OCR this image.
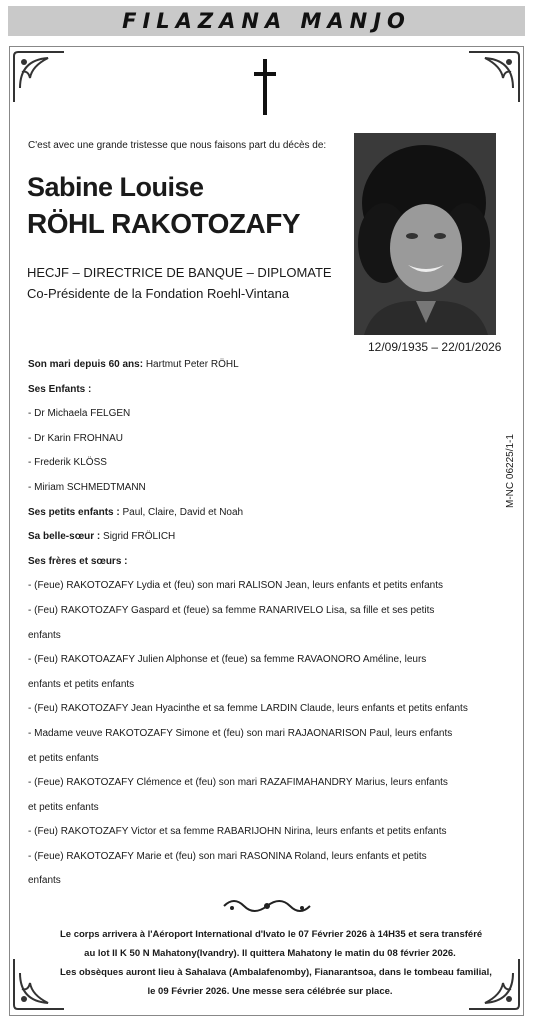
FILAZANA MANJO
C'est avec une grande tristesse que nous faisons part du décès de:
Sabine Louise
RÖHL RAKOTOZAFY
HECJF – DIRECTRICE DE BANQUE – DIPLOMATE
Co-Présidente de la Fondation Roehl-Vintana
12/09/1935 – 22/01/2026
Son mari depuis 60 ans: Hartmut Peter RÖHL
Ses Enfants :
- Dr Michaela FELGEN
- Dr Karin FROHNAU
- Frederik KLÖSS
- Miriam SCHMEDTMANN
Ses petits enfants : Paul, Claire, David et Noah
Sa belle-sœur : Sigrid FRÖLICH
Ses frères et sœurs :
- (Feue) RAKOTOZAFY Lydia et (feu) son mari RALISON Jean, leurs enfants et petits enfants
- (Feu) RAKOTOZAFY Gaspard et (feue) sa femme RANARIVELO Lisa, sa fille et ses petits
enfants
- (Feu) RAKOTOAZAFY Julien Alphonse et (feue) sa femme RAVAONORO Améline, leurs
enfants et petits enfants
- (Feu) RAKOTOZAFY Jean Hyacinthe et sa femme LARDIN Claude, leurs enfants et petits enfants
- Madame veuve RAKOTOZAFY Simone et (feu) son mari RAJAONARISON Paul, leurs enfants
et petits enfants
- (Feue) RAKOTOZAFY Clémence et (feu) son mari RAZAFIMAHANDRY Marius, leurs enfants
et petits enfants
- (Feu) RAKOTOZAFY Victor et sa femme RABARIJOHN Nirina, leurs enfants et petits enfants
- (Feue) RAKOTOZAFY Marie et (feu) son mari RASONINA Roland, leurs enfants et petits
enfants
M-NC 06225/1-1
Le corps arrivera à l'Aéroport International d'Ivato le 07 Février 2026 à 14H35 et sera transféré
au lot II K 50 N Mahatony(Ivandry). Il quittera Mahatony le matin du 08 février 2026.
Les obsèques auront lieu à Sahalava (Ambalafenomby), Fianarantsoa, dans le tombeau familial,
le 09 Février 2026. Une messe sera célébrée sur place.
